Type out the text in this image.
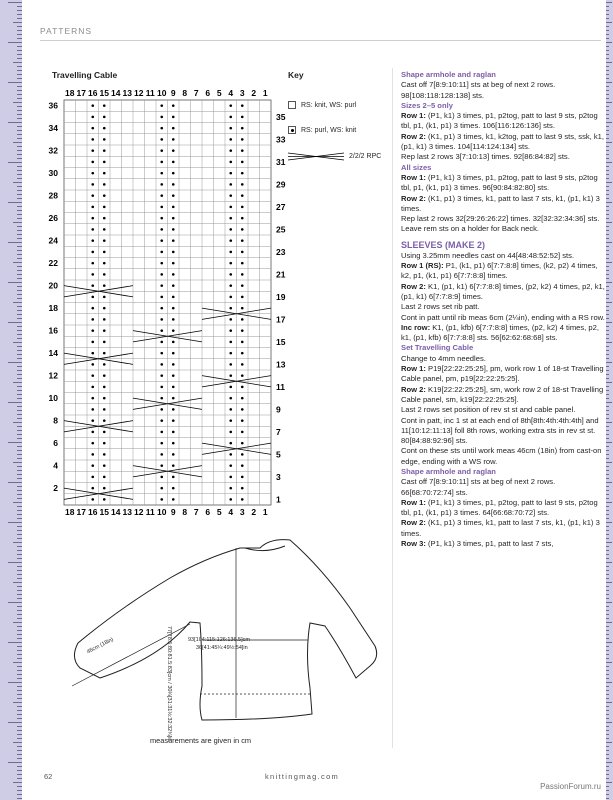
PATTERNS
Travelling Cable	Key
18
18
17
17
16
16
15
15
14
14
13
13
12
12
11
11
10
10
9
9
8
8
7
7
6
6
5
5
4
4
3
3
2
2
1
1
36
34
32
30
28
26
24
22
20
18
16
14
12
10
8
6
4
2
35
33
31
29
27
25
23
21
19
17
15
13
11
9
7
5
3
1
RS: knit, WS: purl
RS: purl, WS: knit
2/2/2 RPC

Shape armhole and raglan

Cast off 7[8:9:10:11] sts at beg of next 2 rows. 98[108:118:128:138] sts.

Sizes 2–5 only

Row 1: (P1, k1) 3 times, p1, p2tog, patt to last 9 sts, p2tog tbl, p1, (k1, p1) 3 times. 106[116:126:136] sts.

Row 2: (K1, p1) 3 times, k1, k2tog, patt to last 9 sts, ssk, k1, (p1, k1) 3 times. 104[114:124:134] sts.

Rep last 2 rows 3[7:10:13] times. 92[86:84:82] sts.

All sizes

Row 1: (P1, k1) 3 times, p1, p2tog, patt to last 9 sts, p2tog tbl, p1, (k1, p1) 3 times. 96[90:84:82:80] sts.

Row 2: (K1, p1) 3 times, k1, patt to last 7 sts, k1, (p1, k1) 3 times.

Rep last 2 rows 32[29:26:26:22] times. 32[32:32:34:36] sts.

Leave rem sts on a holder for Back neck.

SLEEVES (MAKE 2)

Using 3.25mm needles cast on 44[48:48:52:52] sts.

Row 1 (RS): P1, (k1, p1) 6[7:7:8:8] times, (k2, p2) 4 times, k2, p1, (k1, p1) 6[7:7:8:8] times.

Row 2: K1, (p1, k1) 6[7:7:8:8] times, (p2, k2) 4 times, p2, k1, (p1, k1) 6[7:7:8:9] times.

Last 2 rows set rib patt.

Cont in patt until rib meas 6cm (2¼in), ending with a RS row.

Inc row: K1, (p1, kfb) 6[7:7:8:8] times, (p2, k2) 4 times, p2, k1, (p1, kfb) 6[7:7:8:8] sts. 56[62:62:68:68] sts.

Set Travelling Cable

Change to 4mm needles.

Row 1: P19[22:22:25:25], pm, work row 1 of 18-st Travelling Cable panel, pm, p19[22:22:25:25].

Row 2: K19[22:22:25:25], sm, work row 2 of 18-st Travelling Cable panel, sm, k19[22:22:25:25].

Last 2 rows set position of rev st st and cable panel.

Cont in patt, inc 1 st at each end of 8th[8th:4th:4th:4th] and 11[10:12:11:13] foll 8th rows, working extra sts in rev st st. 80[84:88:92:96] sts.

Cont on these sts until work meas 46cm (18in) from cast-on edge, ending with a WS row.

Shape armhole and raglan

Cast off 7[8:9:10:11] sts at beg of next 2 rows. 66[68:70:72:74] sts.

Row 1: (P1, k1) 3 times, p1, p2tog, patt to last 9 sts, p2tog tbl, p1, (k1, p1) 3 times. 64[66:68:70:72] sts.

Row 2: (K1, p1) 3 times, k1, patt to last 7 sts, k1, (p1, k1) 3 times.

Row 3: (P1, k1) 3 times, p1, patt to last 7 sts,

77[78.5:80:81.5:83]cm / 30¼[31:31½:32:32¾]in	93[104:115:126:136.5]cm
36[41:45¼:49½:54]in
46cm (18in)
measurements are given in cm
62	knittingmag.com
PassionForum.ru
